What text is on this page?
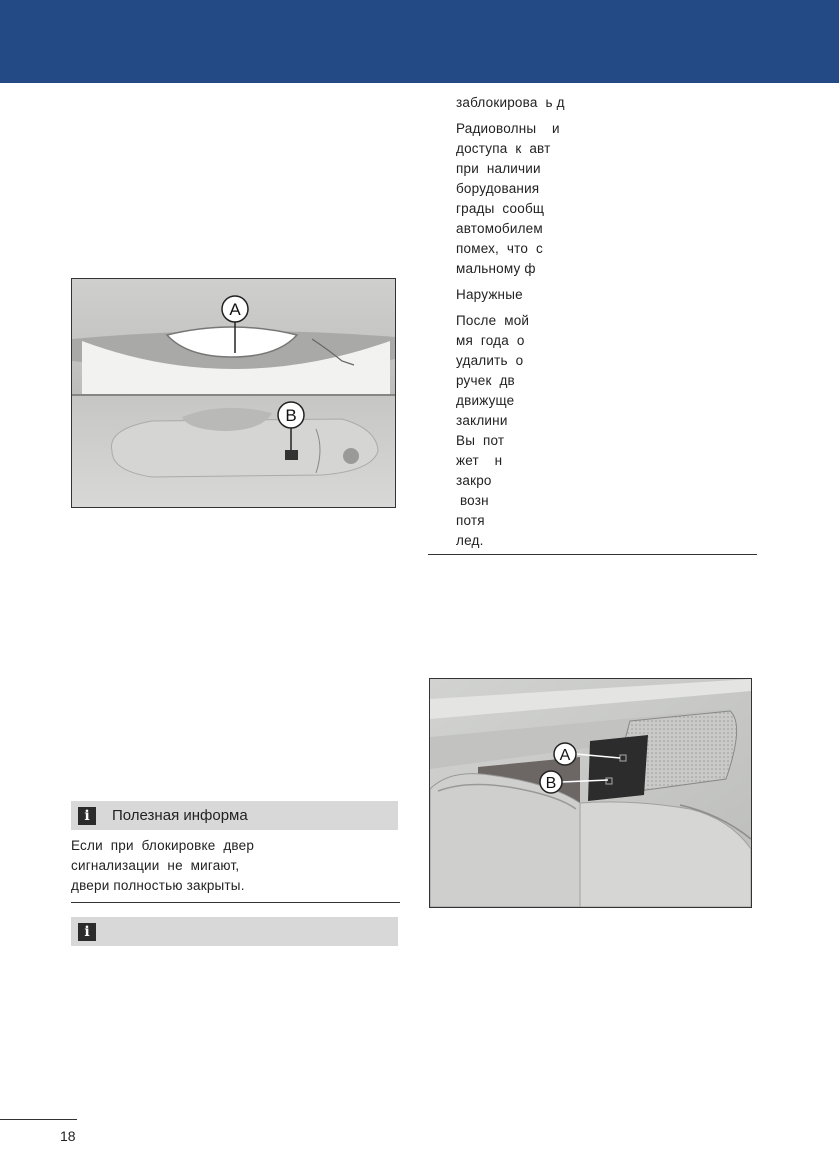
A
B
заблокирова  ь д
Радиоволны    и
доступа  к  авт
при  наличии
борудования
грады  сообщ
автомобилем
помех,  что  с
мальному ф
Наружные
После  мой
мя  года  о
удалить  о
ручек  дв
движуще
заклини
Вы  пот
жет    н
закро
возн
потя
лед.
A
B
i	Полезная информа
Если  при  блокировке  двер
сигнализации  не  мигают,
двери полностью закрыты.
i
18
